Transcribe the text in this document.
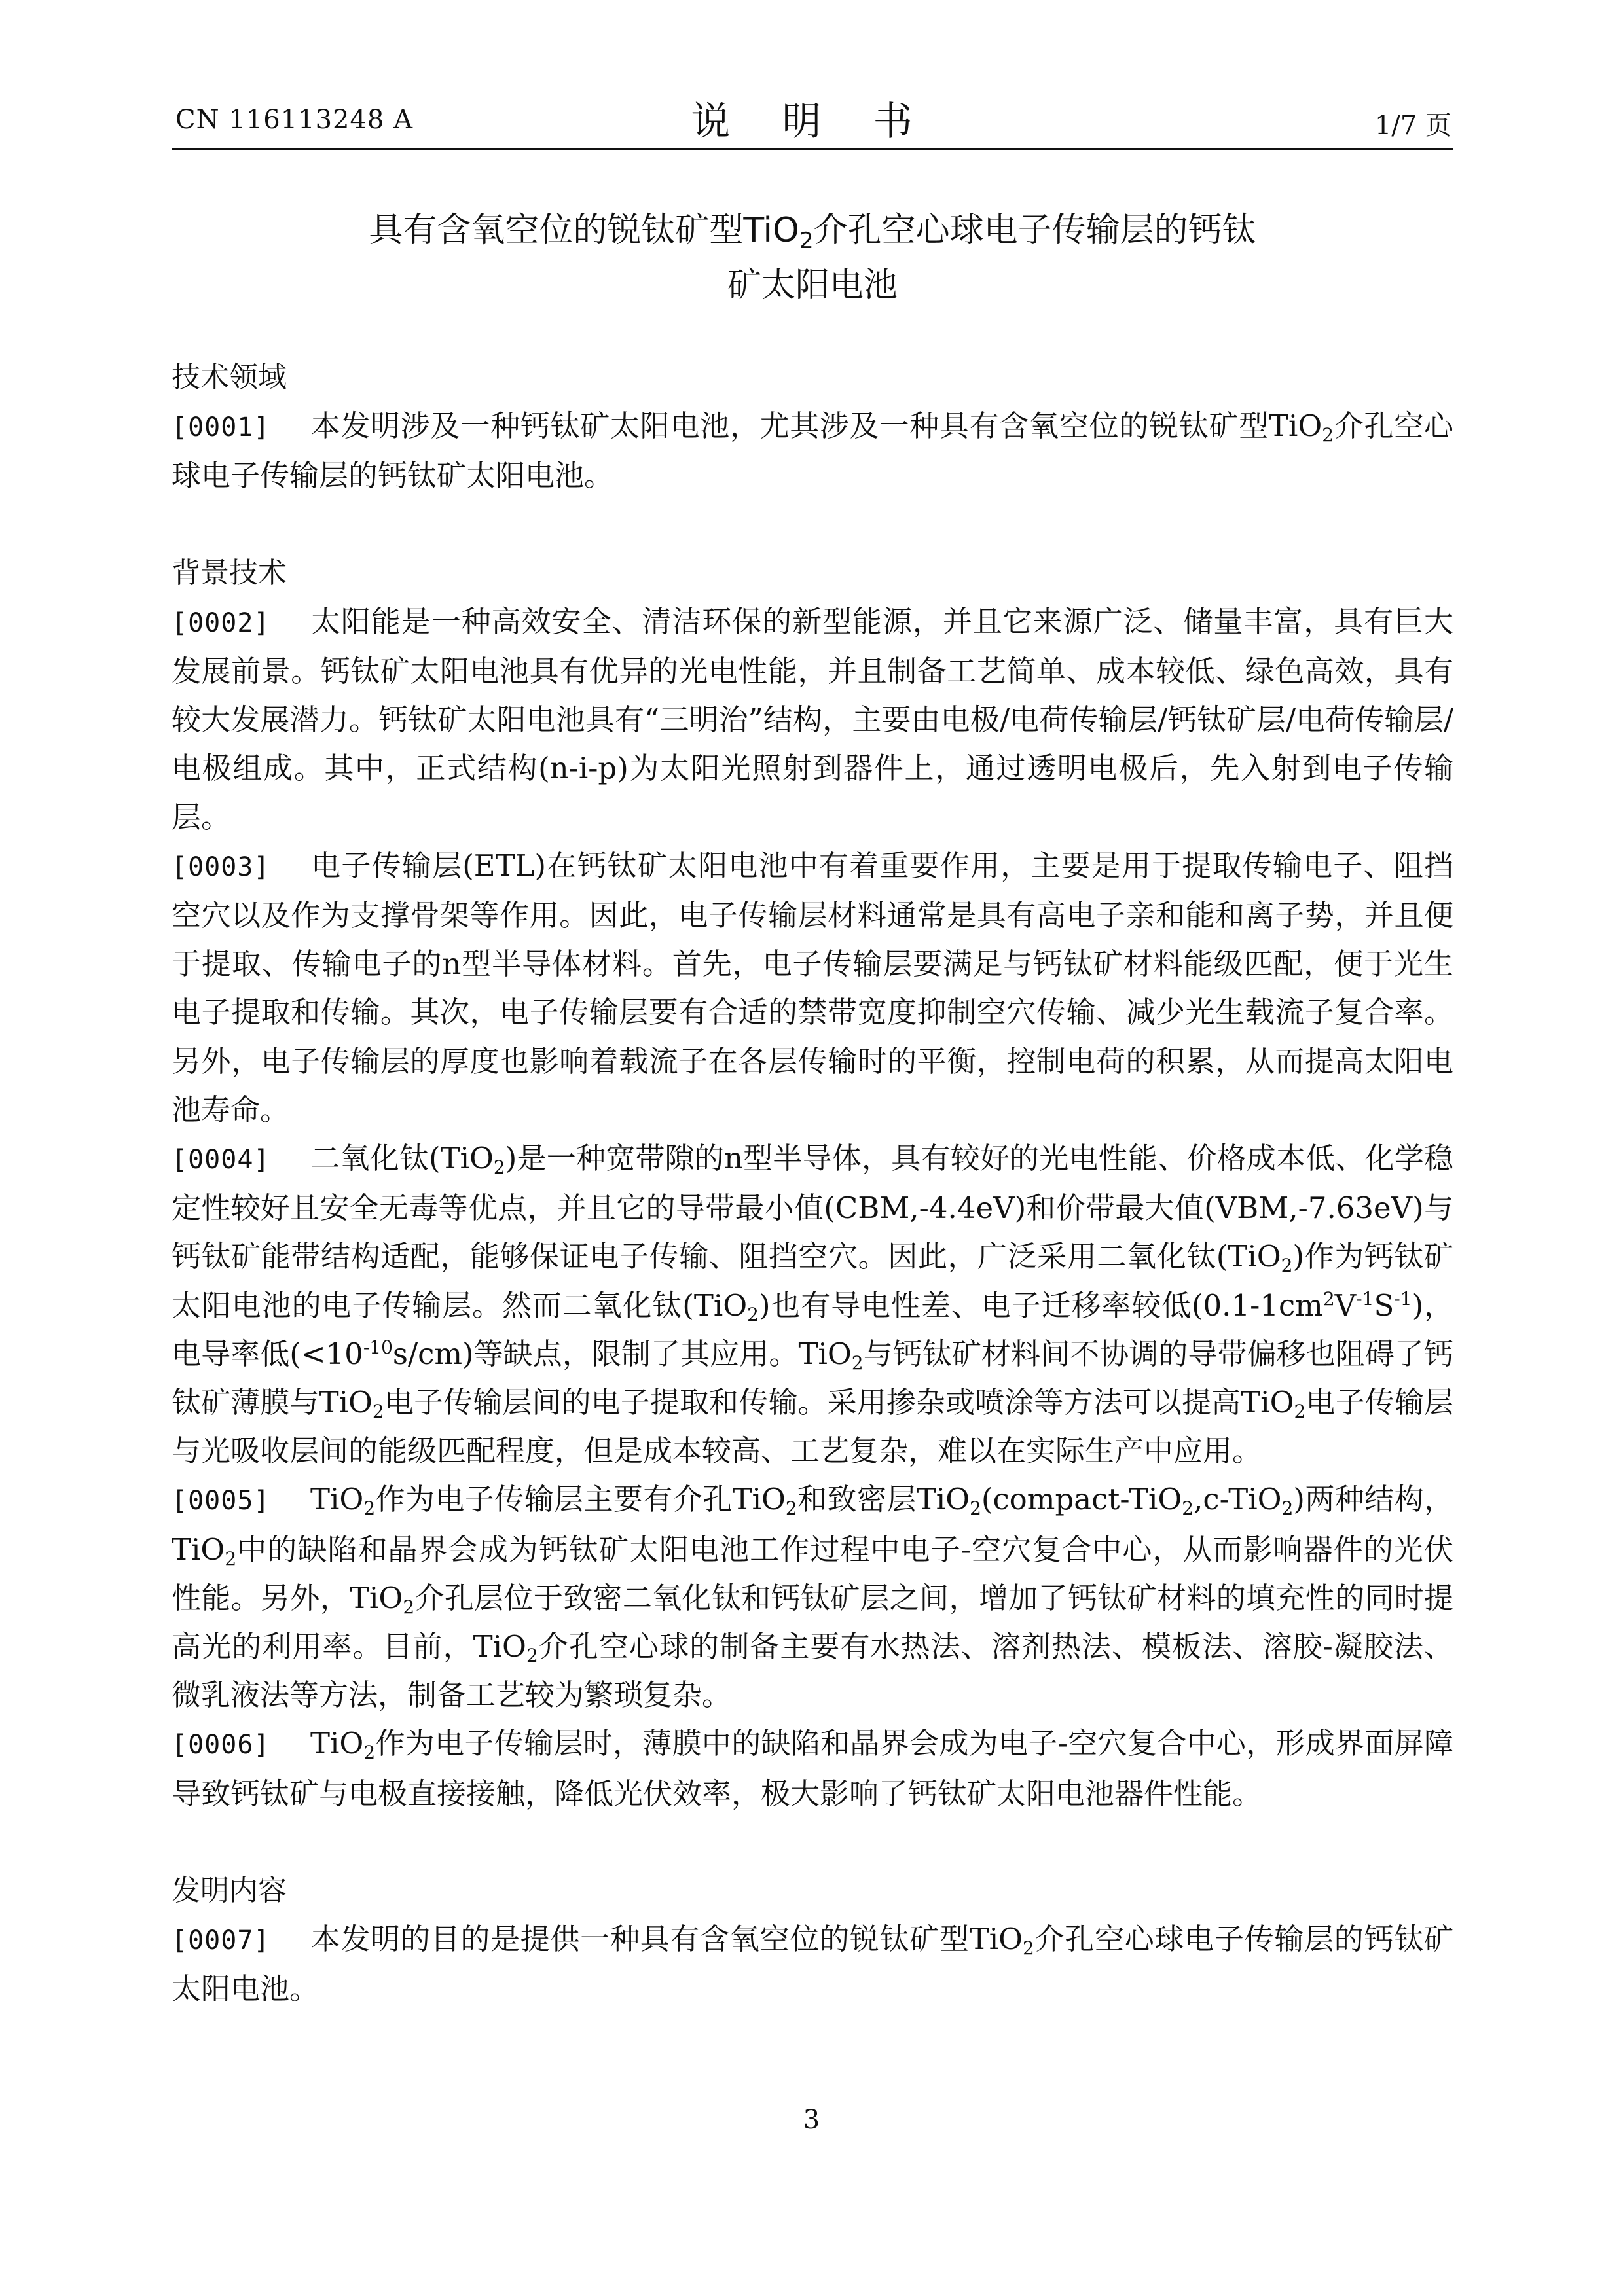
CN 116113248 A	说 明 书	1/7 页
具有含氧空位的锐钛矿型TiO$_2$介孔空心球电子传输层的钙钛
矿太阳电池

技术领域

[0001] 本发明涉及一种钙钛矿太阳电池，尤其涉及一种具有含氧空位的锐钛矿型TiO$_2$介孔空心球电子传输层的钙钛矿太阳电池。

背景技术

[0002] 太阳能是一种高效安全、清洁环保的新型能源，并且它来源广泛、储量丰富，具有巨大发展前景。钙钛矿太阳电池具有优异的光电性能，并且制备工艺简单、成本较低、绿色高效，具有较大发展潜力。钙钛矿太阳电池具有“三明治”结构，主要由电极/电荷传输层/钙钛矿层/电荷传输层/电极组成。其中，正式结构(n-i-p)为太阳光照射到器件上，通过透明电极后，先入射到电子传输层。

[0003] 电子传输层(ETL)在钙钛矿太阳电池中有着重要作用，主要是用于提取传输电子、阻挡空穴以及作为支撑骨架等作用。因此，电子传输层材料通常是具有高电子亲和能和离子势，并且便于提取、传输电子的n型半导体材料。首先，电子传输层要满足与钙钛矿材料能级匹配，便于光生电子提取和传输。其次，电子传输层要有合适的禁带宽度抑制空穴传输、减少光生载流子复合率。另外，电子传输层的厚度也影响着载流子在各层传输时的平衡，控制电荷的积累，从而提高太阳电池寿命。

[0004] 二氧化钛(TiO$_2$)是一种宽带隙的n型半导体，具有较好的光电性能、价格成本低、化学稳定性较好且安全无毒等优点，并且它的导带最小值(CBM,-4.4eV)和价带最大值(VBM,-7.63eV)与钙钛矿能带结构适配，能够保证电子传输、阻挡空穴。因此，广泛采用二氧化钛(TiO$_2$)作为钙钛矿太阳电池的电子传输层。然而二氧化钛(TiO$_2$)也有导电性差、电子迁移率较低$(0.1-1cm^2V^{-1}S^{-1})$，电导率低$(<10^{-10}s/cm)$等缺点，限制了其应用。TiO$_2$与钙钛矿材料间不协调的导带偏移也阻碍了钙钛矿薄膜与TiO$_2$电子传输层间的电子提取和传输。采用掺杂或喷涂等方法可以提高TiO$_2$电子传输层与光吸收层间的能级匹配程度，但是成本较高、工艺复杂，难以在实际生产中应用。

[0005] TiO$_2$作为电子传输层主要有介孔TiO$_2$和致密层TiO$_2$(compact-TiO$_2$,c-TiO$_2$)两种结构，TiO$_2$中的缺陷和晶界会成为钙钛矿太阳电池工作过程中电子-空穴复合中心，从而影响器件的光伏性能。另外，TiO$_2$介孔层位于致密二氧化钛和钙钛矿层之间，增加了钙钛矿材料的填充性的同时提高光的利用率。目前，TiO$_2$介孔空心球的制备主要有水热法、溶剂热法、模板法、溶胶-凝胶法、微乳液法等方法，制备工艺较为繁琐复杂。

[0006] TiO$_2$作为电子传输层时，薄膜中的缺陷和晶界会成为电子-空穴复合中心，形成界面屏障导致钙钛矿与电极直接接触，降低光伏效率，极大影响了钙钛矿太阳电池器件性能。

发明内容

[0007] 本发明的目的是提供一种具有含氧空位的锐钛矿型TiO$_2$介孔空心球电子传输层的钙钛矿太阳电池。

3
